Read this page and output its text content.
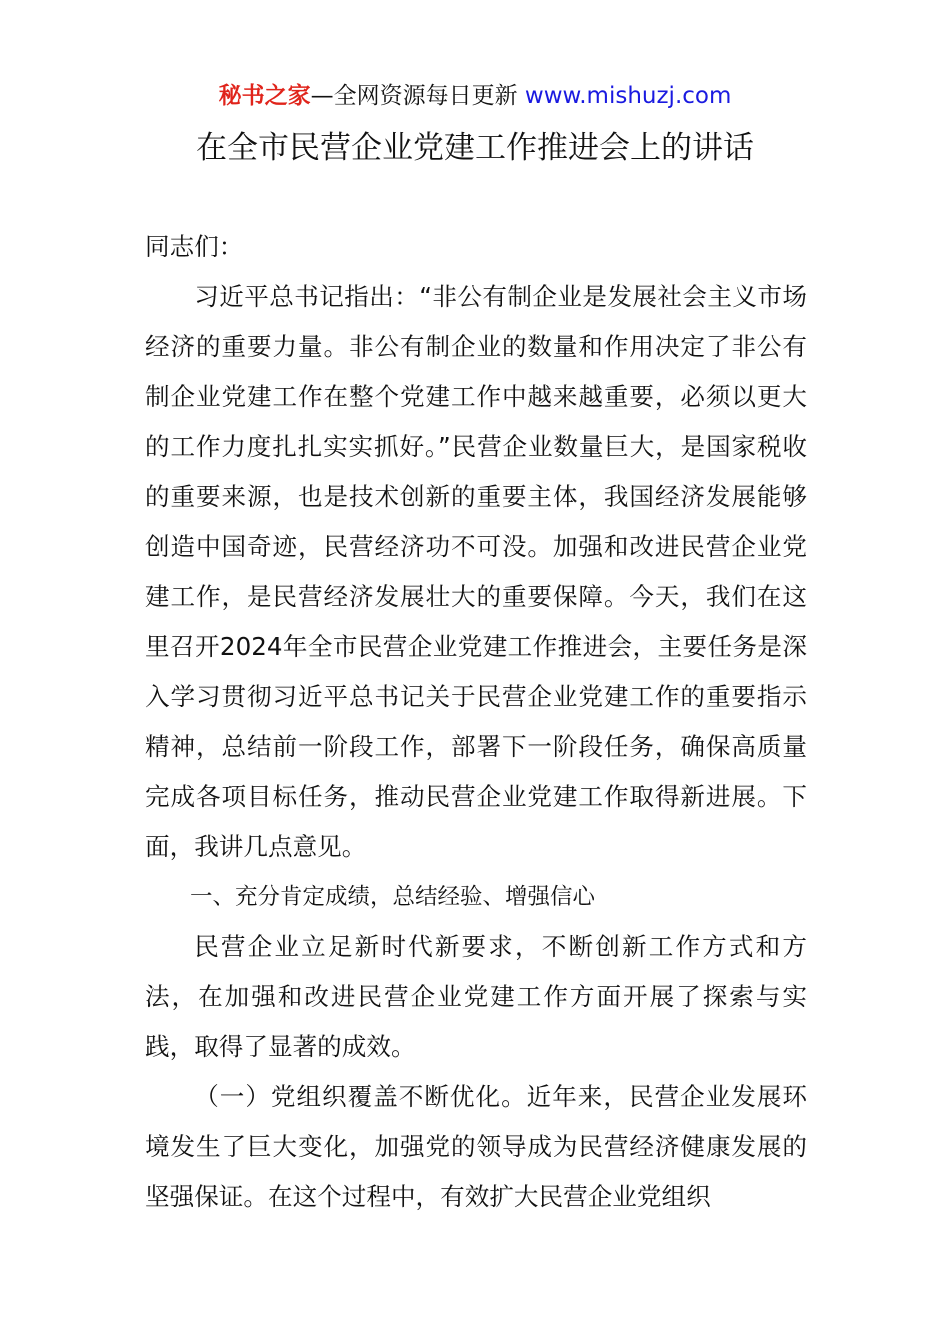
秘书之家—全网资源每日更新 www.mishuzj.com
在全市民营企业党建工作推进会上的讲话

同志们：

习近平总书记指出：“非公有制企业是发展社会主义市场经济的重要力量。非公有制企业的数量和作用决定了非公有制企业党建工作在整个党建工作中越来越重要，必须以更大的工作力度扎扎实实抓好。”民营企业数量巨大，是国家税收的重要来源，也是技术创新的重要主体，我国经济发展能够创造中国奇迹，民营经济功不可没。加强和改进民营企业党建工作，是民营经济发展壮大的重要保障。今天，我们在这里召开2024年全市民营企业党建工作推进会，主要任务是深入学习贯彻习近平总书记关于民营企业党建工作的重要指示精神，总结前一阶段工作，部署下一阶段任务，确保高质量完成各项目标任务，推动民营企业党建工作取得新进展。下面，我讲几点意见。

一、充分肯定成绩，总结经验、增强信心

民营企业立足新时代新要求，不断创新工作方式和方法，在加强和改进民营企业党建工作方面开展了探索与实践，取得了显著的成效。

（一）党组织覆盖不断优化。近年来，民营企业发展环境发生了巨大变化，加强党的领导成为民营经济健康发展的坚强保证。在这个过程中，有效扩大民营企业党组织
